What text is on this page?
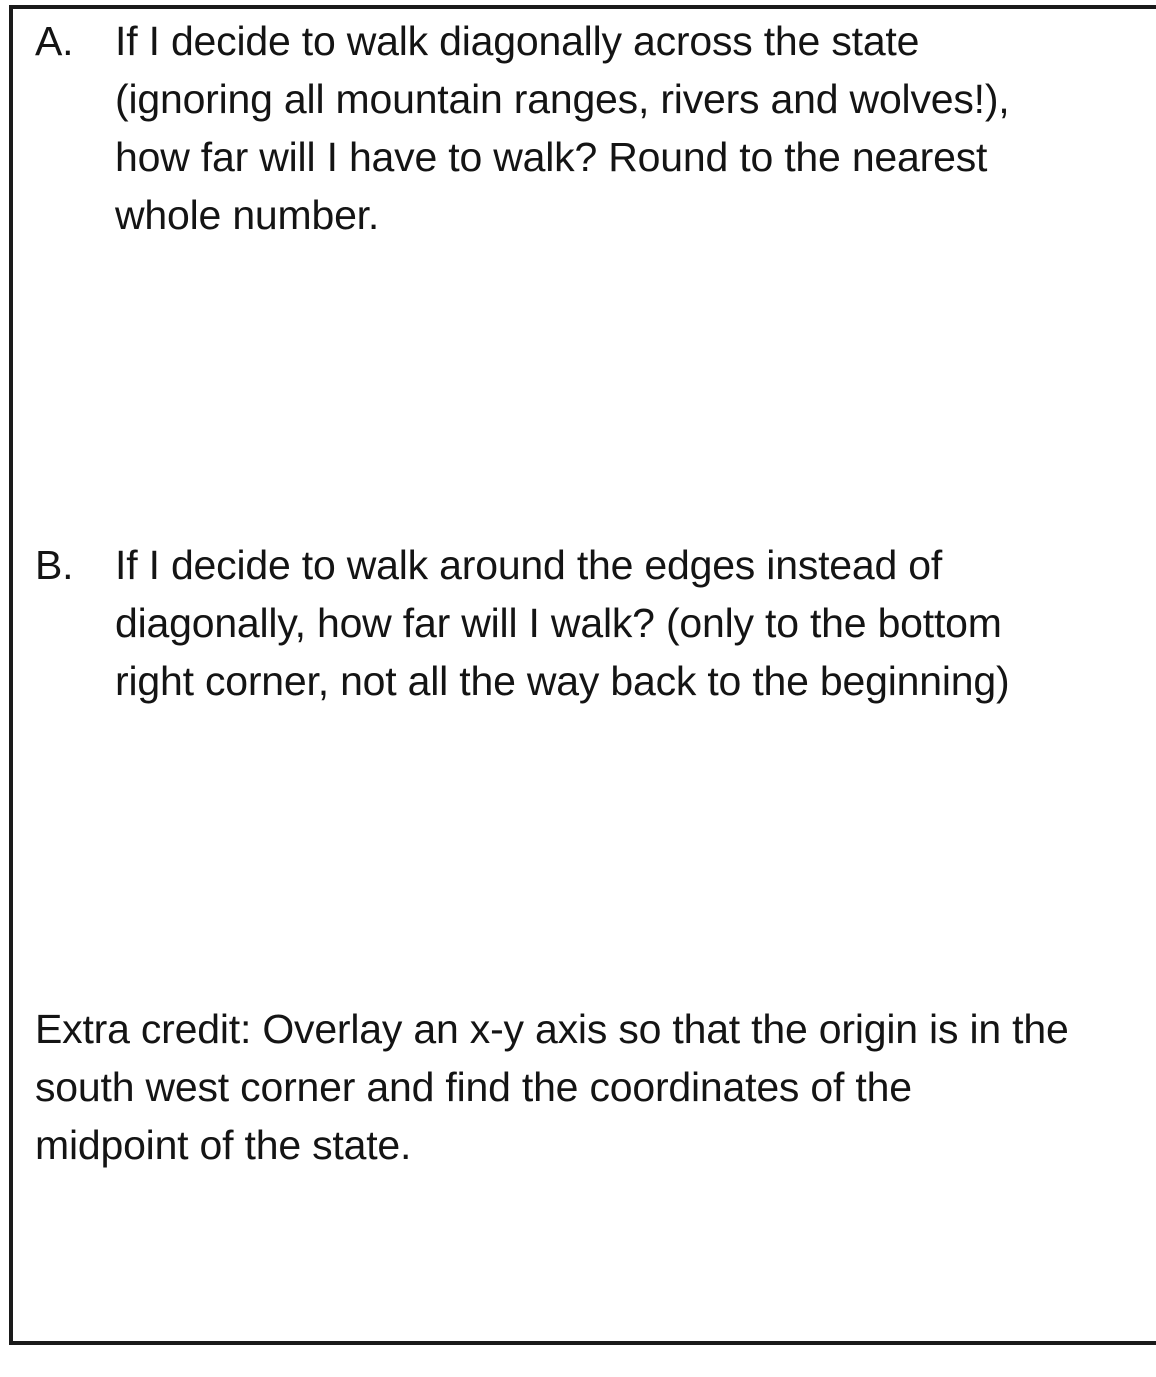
A. If I decide to walk diagonally across the state
(ignoring all mountain ranges, rivers and wolves!),
how far will I have to walk? Round to the nearest
whole number.
B. If I decide to walk around the edges instead of
diagonally, how far will I walk? (only to the bottom
right corner, not all the way back to the beginning)
Extra credit: Overlay an x-y axis so that the origin is in the
south west corner and find the coordinates of the
midpoint of the state.
